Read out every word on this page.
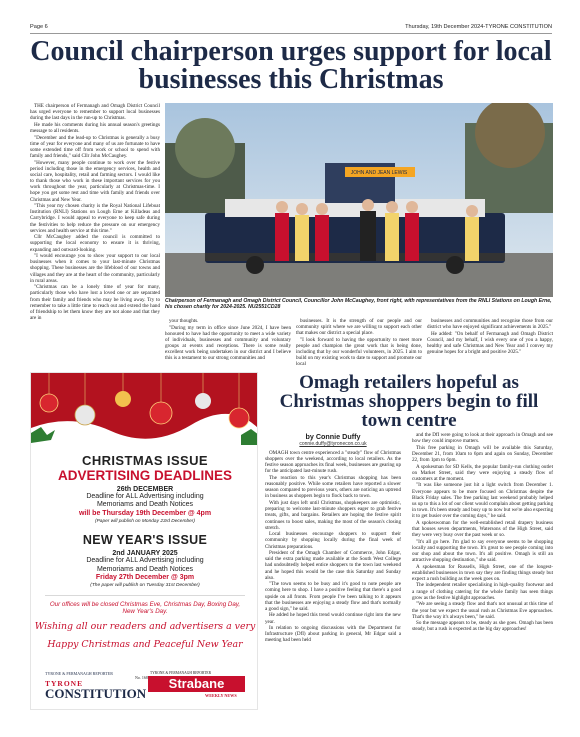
Page 6	Thursday, 19th December 2024-TYRONE CONSTITUTION
Council chairperson urges support for local businesses this Christmas

THE chairperson of Fermanagh and Omagh District Council has urged everyone to remember to support local businesses during the last days in the run-up to Christmas.

He made his comments during his annual season's greetings message to all residents.

"December and the lead-up to Christmas is generally a busy time of year for everyone and many of us are fortunate to have some extended time off from work or school to spend with family and friends," said Cllr John McCaughey.

"However, many people continue to work over the festive period including those in the emergency services, health and social care, hospitality, retail and farming sectors. I would like to thank those who work in these important services for you work throughout the year, particularly at Christmas-time. I hope you get some rest and time with family and friends over Christmas and New Year.

"This year my chosen charity is the Royal National Lifeboat Institution (RNLI) Stations on Lough Erne at Killadeas and Carrybridge. I would appeal to everyone to keep safe during the festivities to help reduce the pressure on our emergency services and health service at this time."

Cllr McCaughey added the council is committed to supporting the local economy to ensure it is thriving, expanding and outward-looking.

"I would encourage you to show your support to our local businesses when it comes to your last-minute Christmas shopping. These businesses are the lifeblood of our towns and villages and they are at the heart of the community, particularly in rural areas.

"Christmas can be a lonely time of year for many, particularly those who have lost a loved one or are separated from their family and friends who may be living away. Try to remember to take a little time to reach out and extend the hand of friendship to let them know they are not alone and that they are in

JOHN AND JEAN LEWIS
Chairperson of Fermanagh and Omagh District Council, Councillor John McCaughey, front right, with representatives from the RNLI Stations on Lough Erne, his chosen charity for 2024-2025. NU2551CD28

your thoughts.

"During my term in office since June 2024, I have been honoured to have had the opportunity to meet a wide variety of individuals, businesses and community and voluntary groups at events and receptions. There is some really excellent work being undertaken in our district and I believe this is a testament to our strong communities and

businesses. It is the strength of our people and our community spirit where we are willing to support each other that makes our district a special place.

"I look forward to having the opportunity to meet more people and champion the great work that is being done, including that by our wonderful volunteers, in 2025. I aim to build on my existing work to date to support and promote our local

businesses and communities and recognise those from our district who have enjoyed significant achievements in 2025."

He added: "On behalf of Fermanagh and Omagh District Council, and my behalf, I wish every one of you a happy, healthy and safe Christmas and New Year and I convey my genuine hopes for a bright and positive 2025."

CHRISTMAS ISSUE
ADVERTISING DEADLINES
26th DECEMBER
Deadline for ALL Advertising including
Memoriams and Death Notices
will be Thursday 19th December @ 4pm
(Paper will publish on Monday 23rd December)
NEW YEAR'S ISSUE
2nd JANUARY 2025
Deadline for ALL Advertising including
Memoriams and Death Notices
Friday 27th December @ 3pm
(The paper will publish on Tuesday 31st December)
Our offices will be closed Christmas Eve, Christmas Day, Boxing Day, New Year's Day.
Wishing all our readers and advertisers a very
Happy Christmas and Peaceful New Year
TYRONE & FERMANAGH REPORTER
TYRONE
CONSTITUTION
No. 168
TYRONE & FERMANAGH REPORTER
Strabane
WEEKLY NEWS
Omagh retailers hopeful as Christmas shoppers begin to fill town centre
by Connie Duffy
connie.duffy@tyronecon.co.uk

OMAGH town centre experienced a "steady" flow of Christmas shoppers over the weekend, according to local retailers. As the festive season approaches its final week, businesses are gearing up for the anticipated last-minute rush.

The reaction to this year's Christmas shopping has been reasonably positive. While some retailers have reported a slower season compared to previous years, others are noticing an uptrend in business as shoppers begin to flock back to town.

With just days left until Christmas, shopkeepers are optimistic, preparing to welcome last-minute shoppers eager to grab festive treats, gifts, and bargains. Retailers are hoping the festive spirit continues to boost sales, making the most of the season's closing stretch.

Local businesses encourage shoppers to support their community by shopping locally during the final week of Christmas preparations.

President of the Omagh Chamber of Commerce, John Edgar, said the extra parking made available at the South West College had undoubtedly helped entice shoppers to the town last weekend and he hoped this would be the case this Saturday and Sunday also.

"The town seems to be busy and it's good to note people are coming here to shop. I have a positive feeling that there's a good upside on all fronts. From people I've been talking to it appears that the businesses are enjoying a steady flow and that's normally a good sign," he said.

He added he hoped this trend would continue right into the new year.

In relation to ongoing discussions with the Department for Infrastructure (DfI) about parking in general, Mr Edgar said a meeting had been held

and the DfI were going to look at their approach in Omagh and see how they could improve matters.

This free parking in Omagh will be available this Saturday, December 21, from 10am to 6pm and again on Sunday, December 22, from 1pm to 6pm.

A spokesman for SD Kells, the popular family-run clothing outlet on Market Street, said they were enjoying a steady flow of customers at the moment.

"It was like someone just hit a light switch from December 1. Everyone appears to be more focused on Christmas despite the Black Friday sales. The free parking last weekend probably helped us up to this a lot of our client would complain about getting parking in town. It's been steady and busy up to now but we're also expecting it to get busier over the coming days," he said.

A spokeswoman for the well-established retail drapery business that houses seven departments, Watersons of the High Street, said they were very busy over the past week or so.

"It's all go here. I'm glad to say everyone seems to be shopping locally and supporting the town. It's great to see people coming into our shop and about the town. It's all positive. Omagh is still an attractive shopping destination," she said.

A spokesman for Russells, High Street, one of the longest-established businesses in town say they are finding things steady but expect a rush building as the week goes on.

The independent retailer specialising in high-quality footwear and a range of clothing catering for the whole family has seen things grow as the festive highlight approaches.

"We are seeing a steady flow and that's not unusual at this time of the year but we expect the usual rush as Christmas Eve approaches. That's the way it's always been," he said.

So the message appears to be, steady as she goes. Omagh has been steady, but a rush is expected as the big day approaches!
